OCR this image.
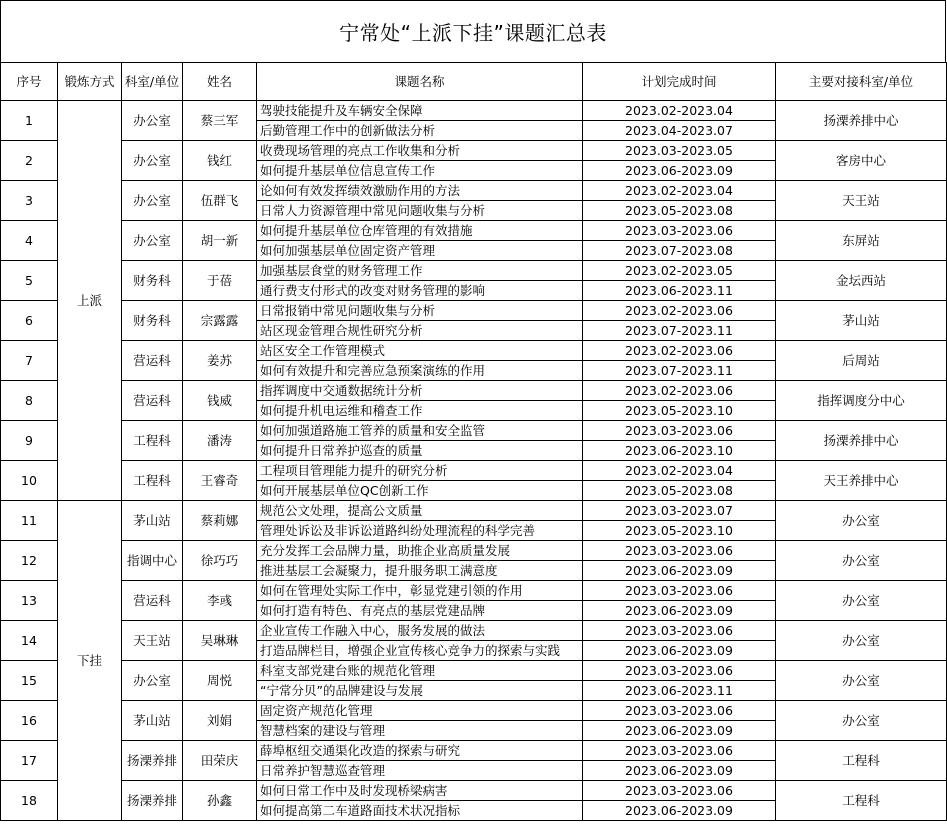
宁常处“上派下挂”课题汇总表
序号	锻炼方式	科室/单位	姓名	课题名称	计划完成时间	主要对接科室/单位
1	上派	办公室	蔡三军	驾驶技能提升及车辆安全保障	2023.02-2023.04	扬溧养排中心
				后勤管理工作中的创新做法分析	2023.04-2023.07	
2		办公室	钱红	收费现场管理的亮点工作收集和分析	2023.03-2023.05	客房中心
				如何提升基层单位信息宣传工作	2023.06-2023.09	
3		办公室	伍群飞	论如何有效发挥绩效激励作用的方法	2023.02-2023.04	天王站
				日常人力资源管理中常见问题收集与分析	2023.05-2023.08	
4		办公室	胡一新	如何提升基层单位仓库管理的有效措施	2023.03-2023.06	东屏站
				如何加强基层单位固定资产管理	2023.07-2023.08	
5		财务科	于蓓	加强基层食堂的财务管理工作	2023.02-2023.05	金坛西站
				通行费支付形式的改变对财务管理的影响	2023.06-2023.11	
6		财务科	宗露露	日常报销中常见问题收集与分析	2023.02-2023.06	茅山站
				站区现金管理合规性研究分析	2023.07-2023.11	
7		营运科	姜苏	站区安全工作管理模式	2023.02-2023.06	后周站
				如何有效提升和完善应急预案演练的作用	2023.07-2023.11	
8		营运科	钱威	指挥调度中交通数据统计分析	2023.02-2023.06	指挥调度分中心
				如何提升机电运维和稽查工作	2023.05-2023.10	
9		工程科	潘涛	如何加强道路施工管养的质量和安全监管	2023.03-2023.06	扬溧养排中心
				如何提升日常养护巡查的质量	2023.06-2023.10	
10		工程科	王睿奇	工程项目管理能力提升的研究分析	2023.02-2023.04	天王养排中心
				如何开展基层单位QC创新工作	2023.05-2023.08	
11	下挂	茅山站	蔡莉娜	规范公文处理，提高公文质量	2023.03-2023.07	办公室
				管理处诉讼及非诉讼道路纠纷处理流程的科学完善	2023.05-2023.10	
12		指调中心	徐巧巧	充分发挥工会品牌力量，助推企业高质量发展	2023.03-2023.06	办公室
				推进基层工会凝聚力，提升服务职工满意度	2023.06-2023.09	
13		营运科	李彧	如何在管理处实际工作中，彰显党建引领的作用	2023.03-2023.06	办公室
				如何打造有特色、有亮点的基层党建品牌	2023.06-2023.09	
14		天王站	吴琳琳	企业宣传工作融入中心，服务发展的做法	2023.03-2023.06	办公室
				打造品牌栏目，增强企业宣传核心竞争力的探索与实践	2023.06-2023.09	
15		办公室	周悦	科室支部党建台账的规范化管理	2023.03-2023.06	办公室
				“宁常分贝”的品牌建设与发展	2023.06-2023.11	
16		茅山站	刘娟	固定资产规范化管理	2023.03-2023.06	办公室
				智慧档案的建设与管理	2023.06-2023.09	
17		扬溧养排	田荣庆	薛埠枢纽交通渠化改造的探索与研究	2023.03-2023.06	工程科
				日常养护智慧巡查管理	2023.06-2023.09	
18		扬溧养排	孙鑫	如何日常工作中及时发现桥梁病害	2023.03-2023.06	工程科
				如何提高第二车道路面技术状况指标	2023.06-2023.09	
